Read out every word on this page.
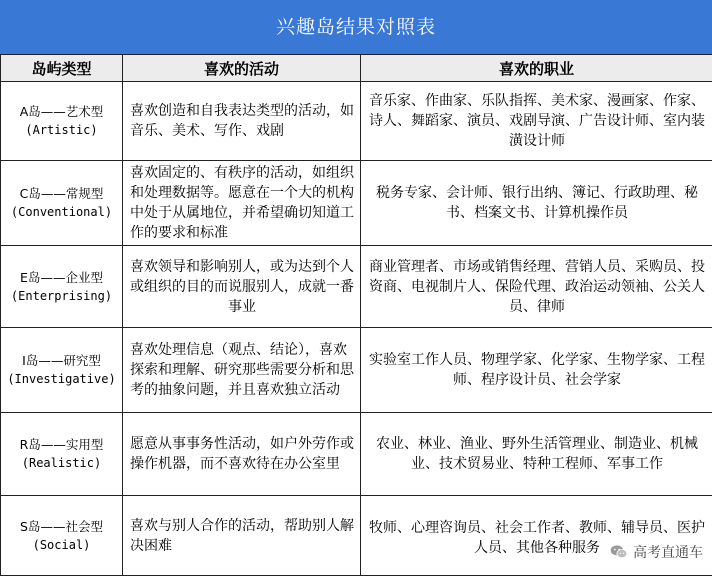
兴趣岛结果对照表
岛屿类型	喜欢的活动	喜欢的职业
A岛——艺术型
(Artistic)	喜欢创造和自我表达类型的活动，如音乐、美术、写作、戏剧	音乐家、作曲家、乐队指挥、美术家、漫画家、作家、诗人、舞蹈家、演员、戏剧导演、广告设计师、室内装潢设计师
C岛——常规型
(Conventional)	喜欢固定的、有秩序的活动，如组织和处理数据等。愿意在一个大的机构中处于从属地位，并希望确切知道工作的要求和标准	税务专家、会计师、银行出纳、簿记、行政助理、秘书、档案文书、计算机操作员
E岛——企业型
(Enterprising)	喜欢领导和影响别人，或为达到个人或组织的目的而说服别人，成就一番事业	商业管理者、市场或销售经理、营销人员、采购员、投资商、电视制片人、保险代理、政治运动领袖、公关人员、律师
I岛——研究型
(Investigative)	喜欢处理信息（观点、结论），喜欢探索和理解、研究那些需要分析和思考的抽象问题，并且喜欢独立活动	实验室工作人员、物理学家、化学家、生物学家、工程师、程序设计员、社会学家
R岛——实用型
(Realistic)	愿意从事事务性活动，如户外劳作或操作机器，而不喜欢待在办公室里	农业、林业、渔业、野外生活管理业、制造业、机械业、技术贸易业、特种工程师、军事工作
S岛——社会型
(Social)	喜欢与别人合作的活动，帮助别人解决困难	牧师、心理咨询员、社会工作者、教师、辅导员、医护人员、其他各种服务 高考直通车
